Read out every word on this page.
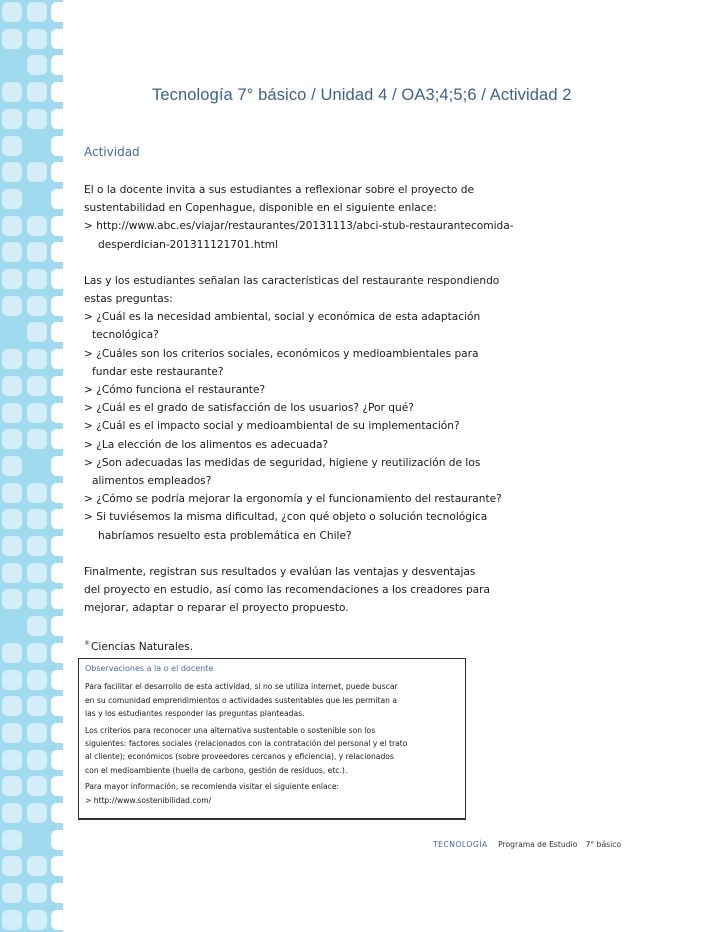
Tecnología 7° básico / Unidad 4 / OA3;4;5;6 / Actividad 2
Actividad
El o la docente invita a sus estudiantes a reflexionar sobre el proyecto de
sustentabilidad en Copenhague, disponible en el siguiente enlace:
> http://www.abc.es/viajar/restaurantes/20131113/abci-stub-restaurantecomida-
desperdician-201311121701.html
Las y los estudiantes señalan las características del restaurante respondiendo
estas preguntas:
> ¿Cuál es la necesidad ambiental, social y económica de esta adaptación
tecnológica?
> ¿Cuáles son los criterios sociales, económicos y medioambientales para
fundar este restaurante?
> ¿Cómo funciona el restaurante?
> ¿Cuál es el grado de satisfacción de los usuarios? ¿Por qué?
> ¿Cuál es el impacto social y medioambiental de su implementación?
> ¿La elección de los alimentos es adecuada?
> ¿Son adecuadas las medidas de seguridad, higiene y reutilización de los
alimentos empleados?
> ¿Cómo se podría mejorar la ergonomía y el funcionamiento del restaurante?
> Si tuviésemos la misma dificultad, ¿con qué objeto o solución tecnológica
habríamos resuelto esta problemática en Chile?
Finalmente, registran sus resultados y evalúan las ventajas y desventajas
del proyecto en estudio, así como las recomendaciones a los creadores para
mejorar, adaptar o reparar el proyecto propuesto.
®Ciencias Naturales.
Observaciones a la o el docente
Para facilitar el desarrollo de esta actividad, si no se utiliza internet, puede buscar
en su comunidad emprendimientos o actividades sustentables que les permitan a
las y los estudiantes responder las preguntas planteadas.
Los criterios para reconocer una alternativa sustentable o sostenible son los
siguientes: factores sociales (relacionados con la contratación del personal y el trato
al cliente); económicos (sobre proveedores cercanos y eficiencia), y relacionados
con el medioambiente (huella de carbono, gestión de residuos, etc.).
Para mayor información, se recomienda visitar el siguiente enlace:
> http://www.sostenibilidad.com/
TECNOLOGÍA Programa de Estudio 7° básico
